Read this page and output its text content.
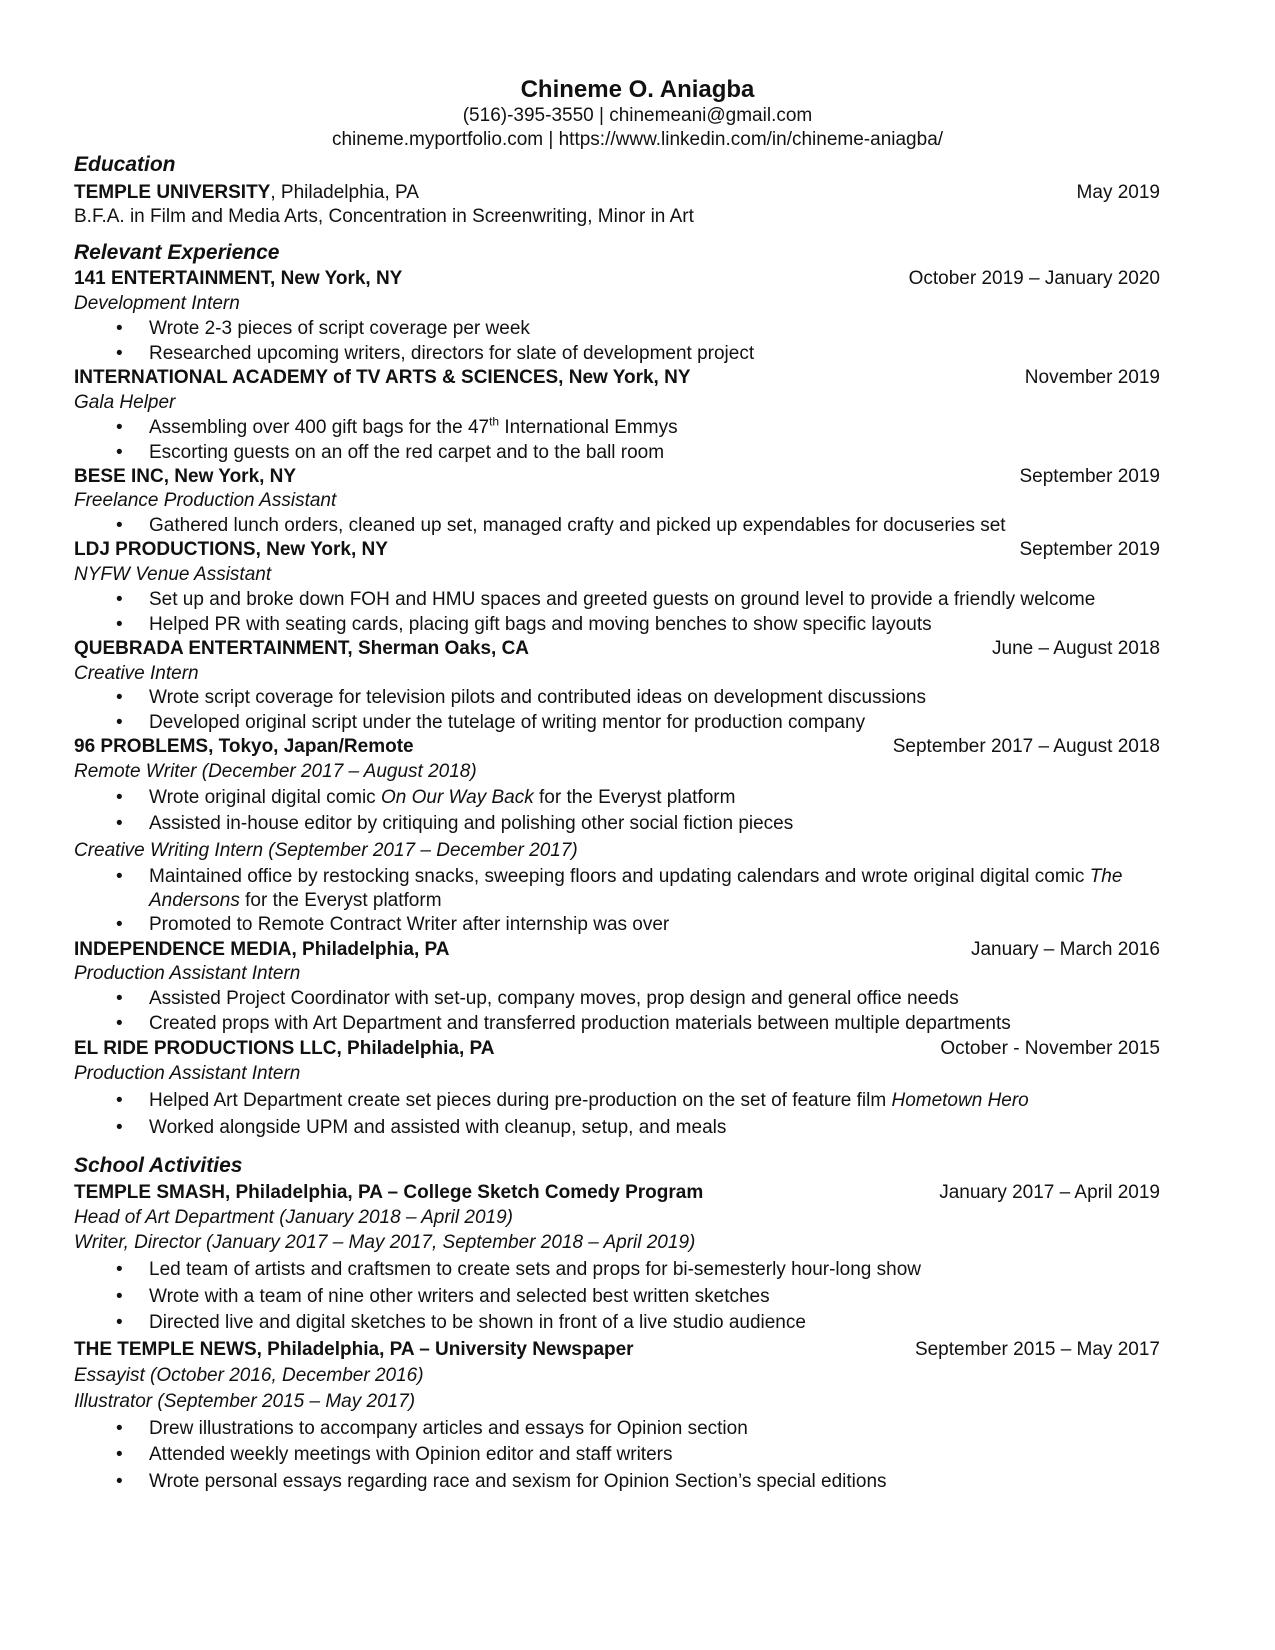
Chineme O. Aniagba
(516)-395-3550 | chinemeani@gmail.com
chineme.myportfolio.com | https://www.linkedin.com/in/chineme-aniagba/
Education
TEMPLE UNIVERSITY, Philadelphia, PA	May 2019
B.F.A. in Film and Media Arts, Concentration in Screenwriting, Minor in Art
Relevant Experience
141 ENTERTAINMENT, New York, NY	October 2019 – January 2020
Development Intern
• Wrote 2-3 pieces of script coverage per week
• Researched upcoming writers, directors for slate of development project
INTERNATIONAL ACADEMY of TV ARTS & SCIENCES, New York, NY	November 2019
Gala Helper
• Assembling over 400 gift bags for the 47th International Emmys
• Escorting guests on an off the red carpet and to the ball room
BESE INC, New York, NY	September 2019
Freelance Production Assistant
• Gathered lunch orders, cleaned up set, managed crafty and picked up expendables for docuseries set
LDJ PRODUCTIONS, New York, NY	September 2019
NYFW Venue Assistant
• Set up and broke down FOH and HMU spaces and greeted guests on ground level to provide a friendly welcome
• Helped PR with seating cards, placing gift bags and moving benches to show specific layouts
QUEBRADA ENTERTAINMENT, Sherman Oaks, CA	June – August 2018
Creative Intern
• Wrote script coverage for television pilots and contributed ideas on development discussions
• Developed original script under the tutelage of writing mentor for production company
96 PROBLEMS, Tokyo, Japan/Remote	September 2017 – August 2018
Remote Writer (December 2017 – August 2018)
• Wrote original digital comic On Our Way Back for the Everyst platform
• Assisted in-house editor by critiquing and polishing other social fiction pieces
Creative Writing Intern (September 2017 – December 2017)
• Maintained office by restocking snacks, sweeping floors and updating calendars and wrote original digital comic The
Andersons for the Everyst platform
• Promoted to Remote Contract Writer after internship was over
INDEPENDENCE MEDIA, Philadelphia, PA	January – March 2016
Production Assistant Intern
• Assisted Project Coordinator with set-up, company moves, prop design and general office needs
• Created props with Art Department and transferred production materials between multiple departments
EL RIDE PRODUCTIONS LLC, Philadelphia, PA	October - November 2015
Production Assistant Intern
• Helped Art Department create set pieces during pre-production on the set of feature film Hometown Hero
• Worked alongside UPM and assisted with cleanup, setup, and meals
School Activities
TEMPLE SMASH, Philadelphia, PA – College Sketch Comedy Program	January 2017 – April 2019
Head of Art Department (January 2018 – April 2019)
Writer, Director (January 2017 – May 2017, September 2018 – April 2019)
• Led team of artists and craftsmen to create sets and props for bi-semesterly hour-long show
• Wrote with a team of nine other writers and selected best written sketches
• Directed live and digital sketches to be shown in front of a live studio audience
THE TEMPLE NEWS, Philadelphia, PA – University Newspaper	September 2015 – May 2017
Essayist (October 2016, December 2016)
Illustrator (September 2015 – May 2017)
• Drew illustrations to accompany articles and essays for Opinion section
• Attended weekly meetings with Opinion editor and staff writers
• Wrote personal essays regarding race and sexism for Opinion Section’s special editions
